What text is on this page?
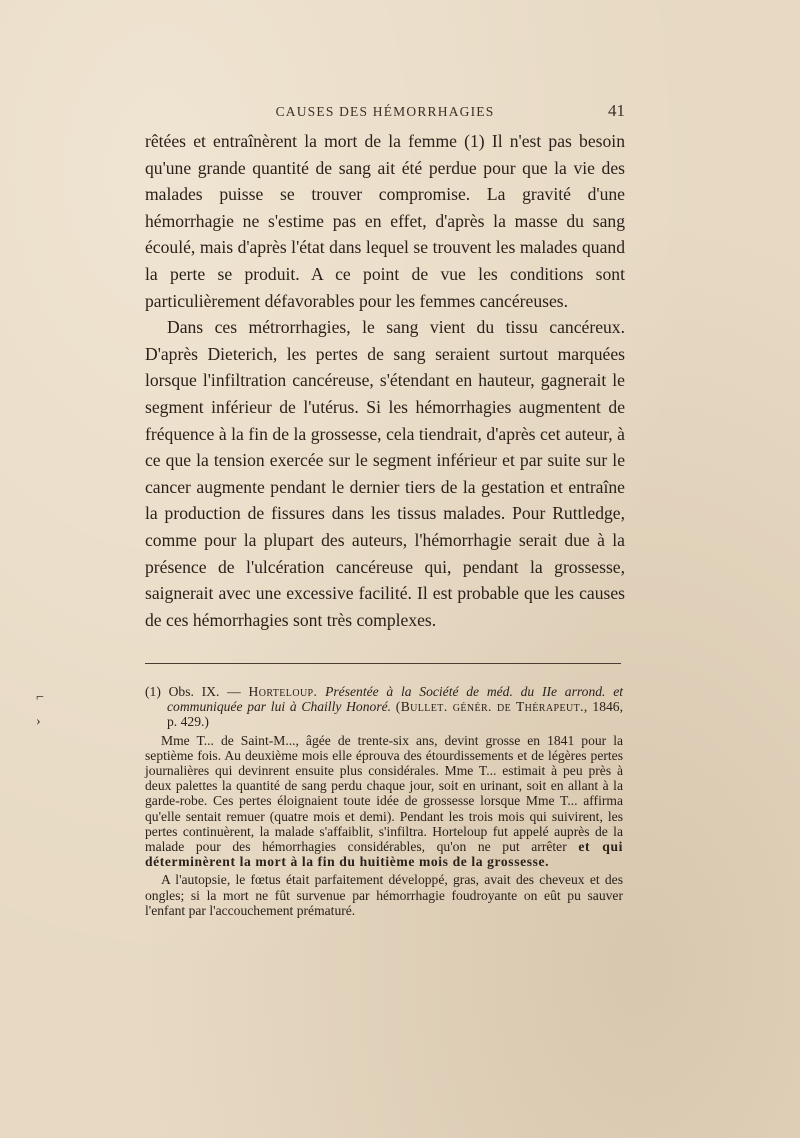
CAUSES DES HÉMORRHAGIES	41

rêtées et entraînèrent la mort de la femme (1) Il n'est pas besoin qu'une grande quantité de sang ait été perdue pour que la vie des malades puisse se trouver compromise. La gravité d'une hémorrhagie ne s'estime pas en effet, d'après la masse du sang écoulé, mais d'après l'état dans lequel se trouvent les malades quand la perte se produit. A ce point de vue les conditions sont particulièrement défavorables pour les femmes cancéreuses.

Dans ces métrorrhagies, le sang vient du tissu cancéreux. D'après Dieterich, les pertes de sang seraient surtout marquées lorsque l'infiltration cancéreuse, s'étendant en hauteur, gagnerait le segment inférieur de l'utérus. Si les hémorrhagies augmentent de fréquence à la fin de la grossesse, cela tiendrait, d'après cet auteur, à ce que la tension exercée sur le segment inférieur et par suite sur le cancer augmente pendant le dernier tiers de la gestation et entraîne la production de fissures dans les tissus malades. Pour Ruttledge, comme pour la plupart des auteurs, l'hémorrhagie serait due à la présence de l'ulcération cancéreuse qui, pendant la grossesse, saignerait avec une excessive facilité. Il est probable que les causes de ces hémorrhagies sont très complexes.

⌐
›

(1) Obs. IX. — Horteloup. Présentée à la Société de méd. du IIe arrond. et communiquée par lui à Chailly Honoré. (Bullet. génér. de Thérapeut., 1846, p. 429.)

Mme T... de Saint-M..., âgée de trente-six ans, devint grosse en 1841 pour la septième fois. Au deuxième mois elle éprouva des étourdissements et de légères pertes journalières qui devinrent ensuite plus considérales. Mme T... estimait à peu près à deux palettes la quantité de sang perdu chaque jour, soit en urinant, soit en allant à la garde-robe. Ces pertes éloignaient toute idée de grossesse lorsque Mme T... affirma qu'elle sentait remuer (quatre mois et demi). Pendant les trois mois qui suivirent, les pertes continuèrent, la malade s'affaiblit, s'infiltra. Horteloup fut appelé auprès de la malade pour des hémorrhagies considérables, qu'on ne put arrêter et qui déterminèrent la mort à la fin du huitième mois de la grossesse.

A l'autopsie, le fœtus était parfaitement développé, gras, avait des cheveux et des ongles; si la mort ne fût survenue par hémorrhagie foudroyante on eût pu sauver l'enfant par l'accouchement prématuré.
